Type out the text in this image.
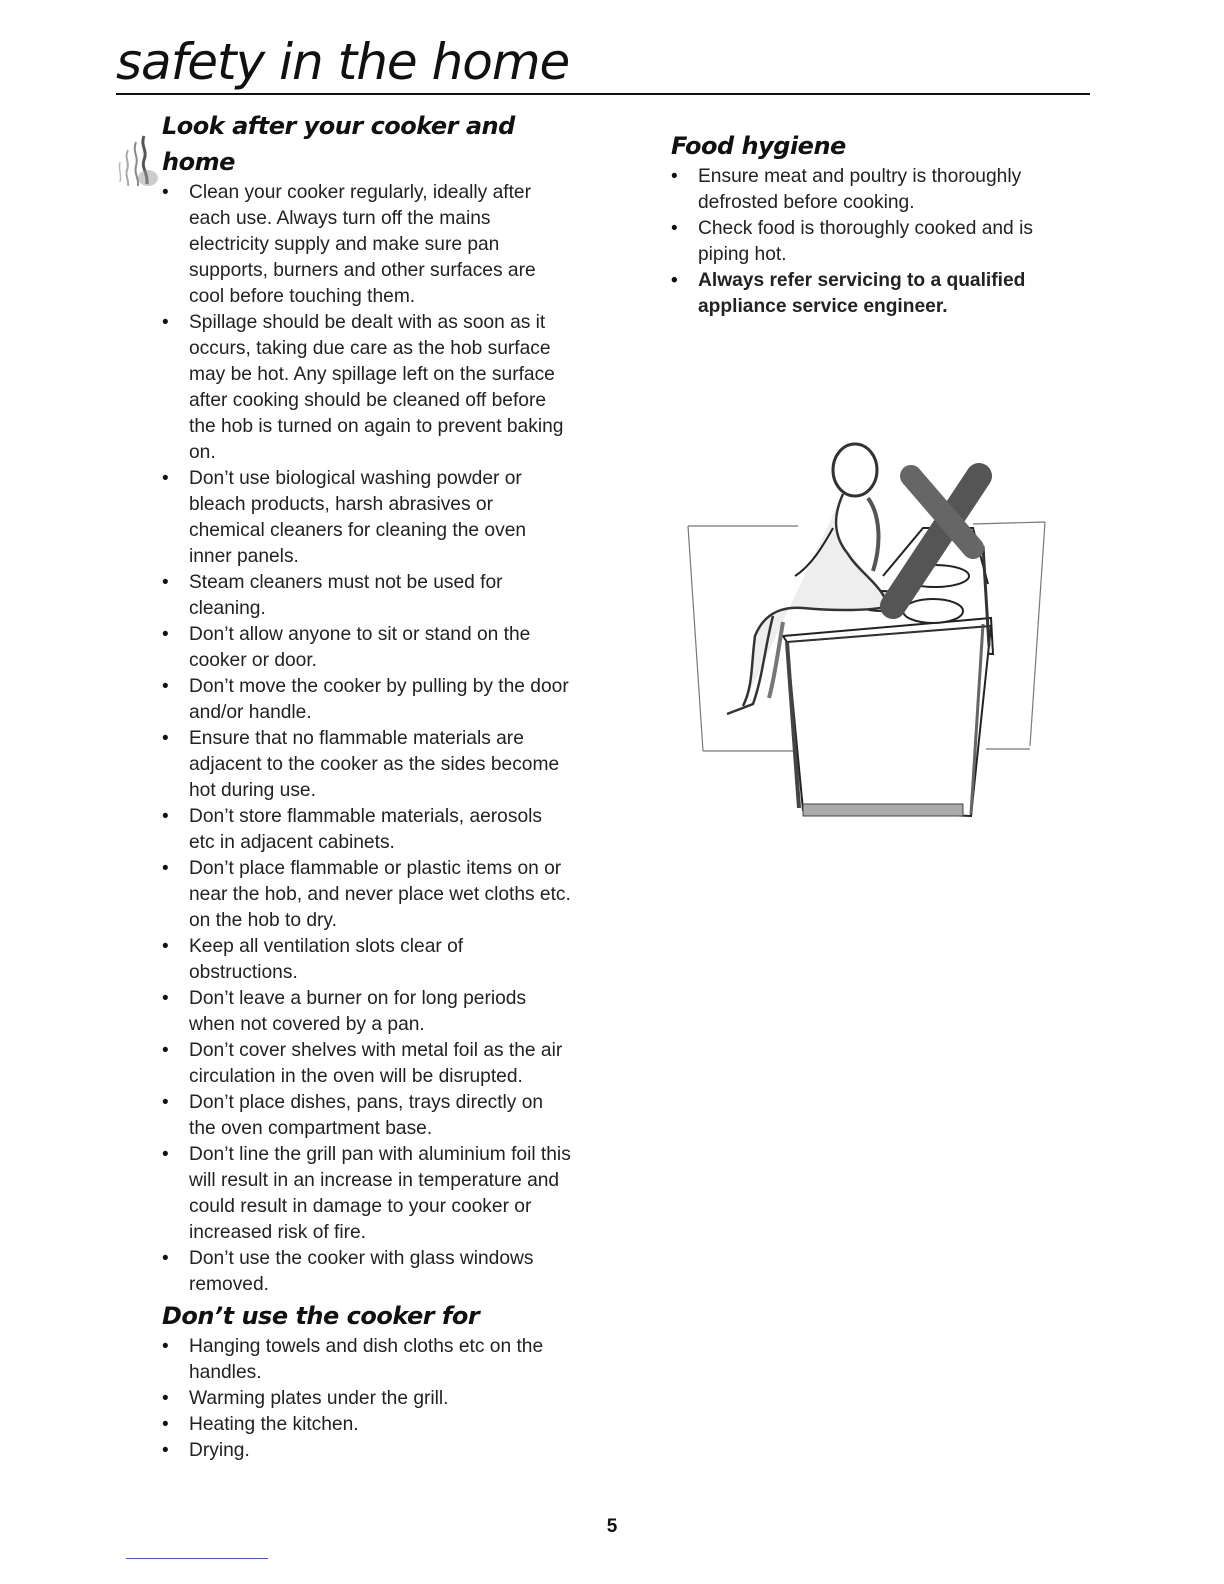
safety in the home
Look after your cooker and home
• Clean your cooker regularly, ideally after each use. Always turn off the mains electricity supply and make sure pan supports, burners and other surfaces are cool before touching them.
• Spillage should be dealt with as soon as it occurs, taking due care as the hob surface may be hot. Any spillage left on the surface after cooking should be cleaned off before the hob is turned on again to prevent baking on.
• Don’t use biological washing powder or bleach products, harsh abrasives or chemical cleaners for cleaning the oven inner panels.
• Steam cleaners must not be used for cleaning.
• Don’t allow anyone to sit or stand on the cooker or door.
• Don’t move the cooker by pulling by the door and/or handle.
• Ensure that no flammable materials are adjacent to the cooker as the sides become hot during use.
• Don’t store flammable materials, aerosols etc in adjacent cabinets.
• Don’t place flammable or plastic items on or near the hob, and never place wet cloths etc. on the hob to dry.
• Keep all ventilation slots clear of obstructions.
• Don’t leave a burner on for long periods when not covered by a pan.
• Don’t cover shelves with metal foil as the air circulation in the oven will be disrupted.
• Don’t place dishes, pans, trays directly on the oven compartment base.
• Don’t line the grill pan with aluminium foil this will result in an increase in temperature and could result in damage to your cooker or increased risk of fire.
• Don’t use the cooker with glass windows removed.
Don’t use the cooker for
• Hanging towels and dish cloths etc on the handles.
• Warming plates under the grill.
• Heating the kitchen.
• Drying.
Food hygiene
• Ensure meat and poultry is thoroughly defrosted before cooking.
• Check food is thoroughly cooked and is piping hot.
• Always refer servicing to a qualified appliance service engineer.
5
